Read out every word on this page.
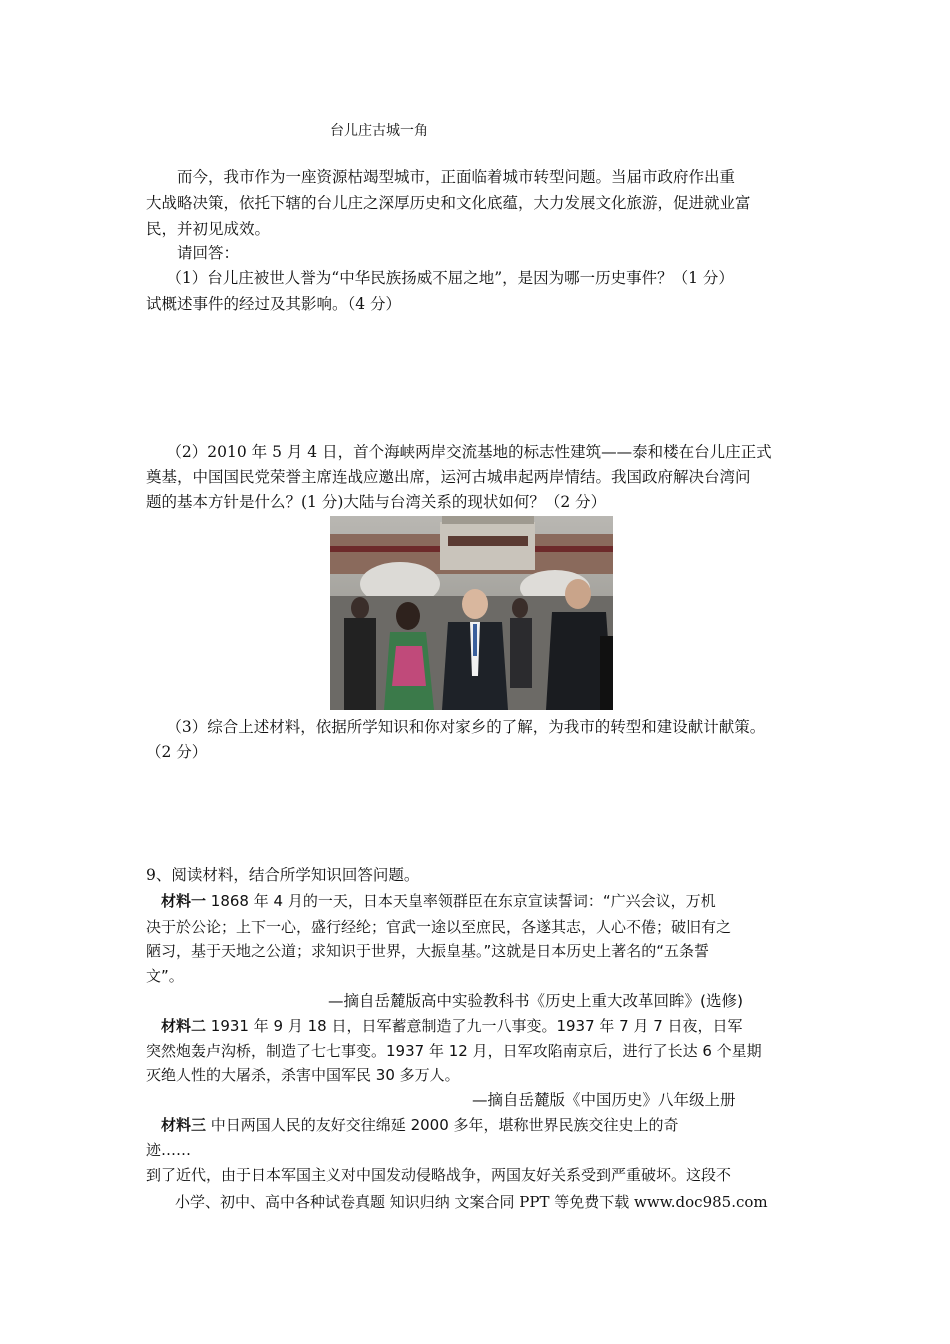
台儿庄古城一角
　　而今，我市作为一座资源枯竭型城市，正面临着城市转型问题。当届市政府作出重
大战略决策，依托下辖的台儿庄之深厚历史和文化底蕴，大力发展文化旅游，促进就业富
民，并初见成效。
　　请回答：
　 （1）台儿庄被世人誉为“中华民族扬威不屈之地”，是因为哪一历史事件？（1 分）
试概述事件的经过及其影响。（4 分）
　 （2）2010 年 5 月 4 日，首个海峡两岸交流基地的标志性建筑——泰和楼在台儿庄正式
奠基，中国国民党荣誉主席连战应邀出席，运河古城串起两岸情结。我国政府解决台湾问
题的基本方针是什么？(1 分)大陆与台湾关系的现状如何？（2 分）
　 （3）综合上述材料，依据所学知识和你对家乡的了解，为我市的转型和建设献计献策。
（2 分）
9、阅读材料，结合所学知识回答问题。
　材料一 1868 年 4 月的一天，日本天皇率领群臣在东京宣读誓词：“广兴会议，万机
决于於公论；上下一心，盛行经纶；官武一途以至庶民，各遂其志，人心不倦；破旧有之
陋习，基于天地之公道；求知识于世界，大振皇基。”这就是日本历史上著名的“五条誓
文”。
—摘自岳麓版高中实验教科书《历史上重大改革回眸》(选修)
　材料二 1931 年 9 月 18 日，日军蓄意制造了九一八事变。1937 年 7 月 7 日夜，日军
突然炮轰卢沟桥，制造了七七事变。1937 年 12 月，日军攻陷南京后，进行了长达 6 个星期
灭绝人性的大屠杀，杀害中国军民 30 多万人。
—摘自岳麓版《中国历史》八年级上册
　材料三 中日两国人民的友好交往绵延 2000 多年，堪称世界民族交往史上的奇
迹……
到了近代，由于日本军国主义对中国发动侵略战争，两国友好关系受到严重破坏。这段不
小学、初中、高中各种试卷真题 知识归纳 文案合同 PPT 等免费下载 www.doc985.com
